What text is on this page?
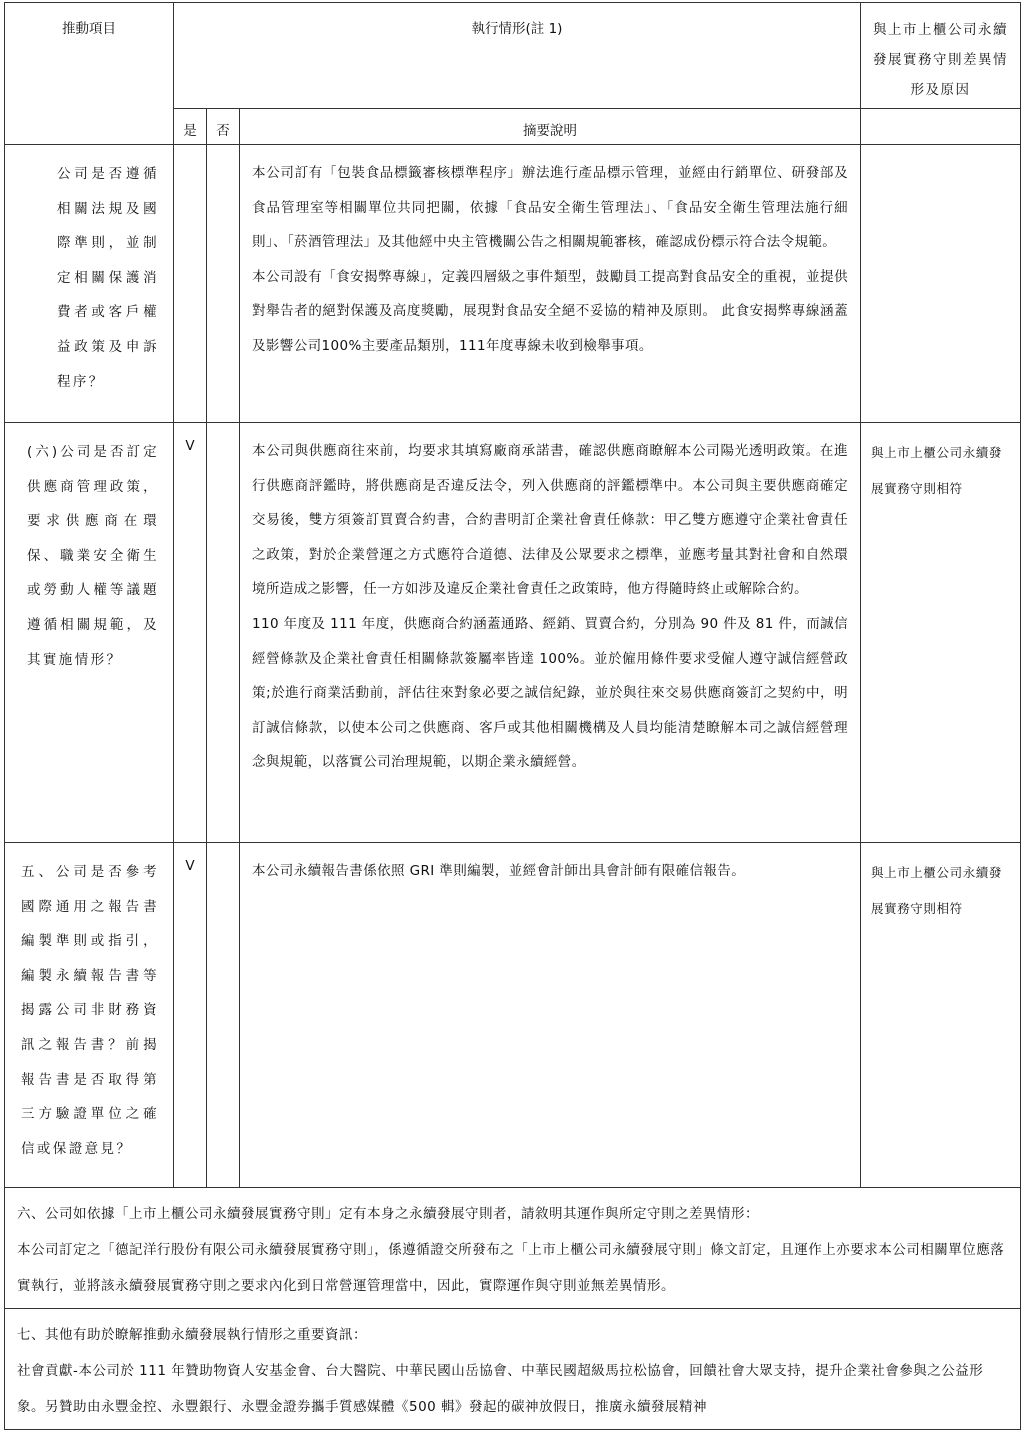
推動項目	執行情形(註 1)			與上市上櫃公司永續發展實務守則差異情形及原因
	是	否	摘要說明	

公司是否遵循相關法規及國際準則，並制定相關保護消費者或客戶權益政策及申訴程序？			本公司訂有「包裝食品標籤審核標準程序」辦法進行產品標示管理，並經由行銷單位、研發部及食品管理室等相關單位共同把關，依據「食品安全衛生管理法」、「食品安全衛生管理法施行細則」、「菸酒管理法」及其他經中央主管機關公告之相關規範審核，確認成份標示符合法令規範。

本公司設有「食安揭弊專線」，定義四層級之事件類型，鼓勵員工提高對食品安全的重視，並提供對舉告者的絕對保護及高度獎勵，展現對食品安全絕不妥協的精神及原則。 此食安揭弊專線涵蓋及影響公司100%主要產品類別，111年度專線未收到檢舉事項。	

(六)公司是否訂定供應商管理政策，要求供應商在環保、職業安全衛生或勞動人權等議題遵循相關規範，及其實施情形？	V		本公司與供應商往來前，均要求其填寫廠商承諾書，確認供應商瞭解本公司陽光透明政策。在進行供應商評鑑時，將供應商是否違反法令，列入供應商的評鑑標準中。本公司與主要供應商確定交易後，雙方須簽訂買賣合約書，合約書明訂企業社會責任條款：甲乙雙方應遵守企業社會責任之政策，對於企業營運之方式應符合道德、法律及公眾要求之標準，並應考量其對社會和自然環境所造成之影響，任一方如涉及違反企業社會責任之政策時，他方得隨時終止或解除合約。

110 年度及 111 年度，供應商合約涵蓋通路、經銷、買賣合約，分別為 90 件及 81 件，而誠信經營條款及企業社會責任相關條款簽屬率皆達 100%。並於僱用條件要求受僱人遵守誠信經營政策;於進行商業活動前，評估往來對象必要之誠信紀錄，並於與往來交易供應商簽訂之契約中，明訂誠信條款，以使本公司之供應商、客戶或其他相關機構及人員均能清楚瞭解本司之誠信經營理念與規範，以落實公司治理規範，以期企業永續經營。	與上市上櫃公司永續發展實務守則相符
五、公司是否參考國際通用之報告書編製準則或指引，編製永續報告書等揭露公司非財務資訊之報告書？前揭報告書是否取得第三方驗證單位之確信或保證意見？	V		本公司永續報告書係依照 GRI 準則編製，並經會計師出具會計師有限確信報告。	與上市上櫃公司永續發展實務守則相符

六、公司如依據「上市上櫃公司永續發展實務守則」定有本身之永續發展守則者，請敘明其運作與所定守則之差異情形：

本公司訂定之「德記洋行股份有限公司永續發展實務守則」，係遵循證交所發布之「上市上櫃公司永續發展守則」條文訂定，且運作上亦要求本公司相關單位應落實執行，並將該永續發展實務守則之要求內化到日常營運管理當中，因此，實際運作與守則並無差異情形。				

七、其他有助於瞭解推動永續發展執行情形之重要資訊：

社會貢獻-本公司於 111 年贊助物資人安基金會、台大醫院、中華民國山岳協會、中華民國超級馬拉松協會，回饋社會大眾支持，提升企業社會參與之公益形象。另贊助由永豐金控、永豐銀行、永豐金證券攜手質感媒體《500 輯》發起的碳神放假日，推廣永續發展精神				
